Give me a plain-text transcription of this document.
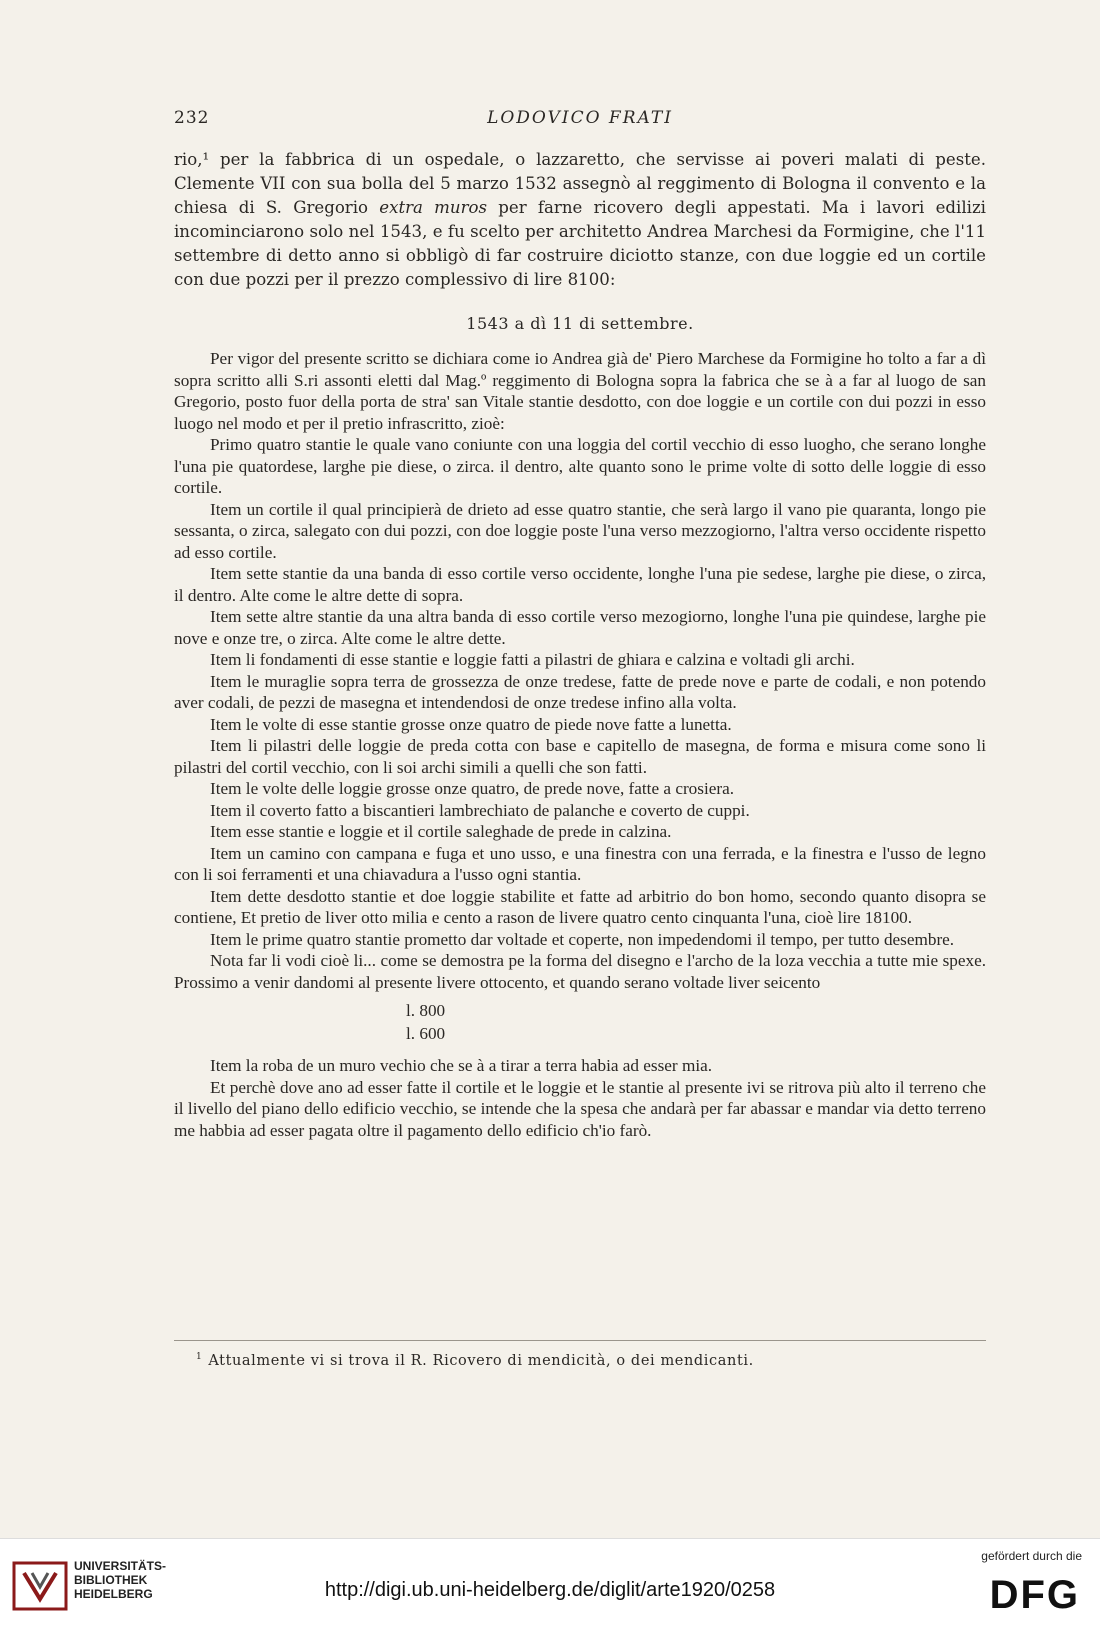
232	LODOVICO FRATI

rio,¹ per la fabbrica di un ospedale, o lazzaretto, che servisse ai poveri malati di peste. Clemente VII con sua bolla del 5 marzo 1532 assegnò al reggimento di Bologna il convento e la chiesa di S. Gregorio extra muros per farne ricovero degli appestati. Ma i lavori edilizi incominciarono solo nel 1543, e fu scelto per architetto Andrea Marchesi da Formigine, che l'11 settembre di detto anno si obbligò di far costruire diciotto stanze, con due loggie ed un cortile con due pozzi per il prezzo complessivo di lire 8100:

1543 a dì 11 di settembre.

Per vigor del presente scritto se dichiara come io Andrea già de' Piero Marchese da Formigine ho tolto a far a dì sopra scritto alli S.ri assonti eletti dal Mag.º reggimento di Bologna sopra la fabrica che se à a far al luogo de san Gregorio, posto fuor della porta de stra' san Vitale stantie desdotto, con doe loggie e un cortile con dui pozzi in esso luogo nel modo et per il pretio infrascritto, zioè:

Primo quatro stantie le quale vano coniunte con una loggia del cortil vecchio di esso luogho, che serano longhe l'una pie quatordese, larghe pie diese, o zirca. il dentro, alte quanto sono le prime volte di sotto delle loggie di esso cortile.

Item un cortile il qual principierà de drieto ad esse quatro stantie, che serà largo il vano pie quaranta, longo pie sessanta, o zirca, salegato con dui pozzi, con doe loggie poste l'una verso mezzogiorno, l'altra verso occidente rispetto ad esso cortile.

Item sette stantie da una banda di esso cortile verso occidente, longhe l'una pie sedese, larghe pie diese, o zirca, il dentro. Alte come le altre dette di sopra.

Item sette altre stantie da una altra banda di esso cortile verso mezogiorno, longhe l'una pie quindese, larghe pie nove e onze tre, o zirca. Alte come le altre dette.

Item li fondamenti di esse stantie e loggie fatti a pilastri de ghiara e calzina e voltadi gli archi.

Item le muraglie sopra terra de grossezza de onze tredese, fatte de prede nove e parte de codali, e non potendo aver codali, de pezzi de masegna et intendendosi de onze tredese infino alla volta.

Item le volte di esse stantie grosse onze quatro de piede nove fatte a lunetta.

Item li pilastri delle loggie de preda cotta con base e capitello de masegna, de forma e misura come sono li pilastri del cortil vecchio, con li soi archi simili a quelli che son fatti.

Item le volte delle loggie grosse onze quatro, de prede nove, fatte a crosiera.

Item il coverto fatto a biscantieri lambrechiato de palanche e coverto de cuppi.

Item esse stantie e loggie et il cortile saleghade de prede in calzina.

Item un camino con campana e fuga et uno usso, e una finestra con una ferrada, e la finestra e l'usso de legno con li soi ferramenti et una chiavadura a l'usso ogni stantia.

Item dette desdotto stantie et doe loggie stabilite et fatte ad arbitrio do bon homo, secondo quanto disopra se contiene, Et pretio de liver otto milia e cento a rason de livere quatro cento cinquanta l'una, cioè lire 18100.

Item le prime quatro stantie prometto dar voltade et coperte, non impedendomi il tempo, per tutto desembre.

Nota far li vodi cioè li... come se demostra pe la forma del disegno e l'archo de la loza vecchia a tutte mie spexe. Prossimo a venir dandomi al presente livere ottocento, et quando serano voltade liver seicento

l. 800
l. 600

Item la roba de un muro vechio che se à a tirar a terra habia ad esser mia.

Et perchè dove ano ad esser fatte il cortile et le loggie et le stantie al presente ivi se ritrova più alto il terreno che il livello del piano dello edificio vecchio, se intende che la spesa che andarà per far abassar e mandar via detto terreno me habbia ad esser pagata oltre il pagamento dello edificio ch'io farò.

$^1$ Attualmente vi si trova il R. Ricovero di mendicità, o dei mendicanti.
UNIVERSITÄTS-
BIBLIOTHEK
HEIDELBERG	http://digi.ub.uni-heidelberg.de/diglit/arte1920/0258
gefördert durch die
DFG
